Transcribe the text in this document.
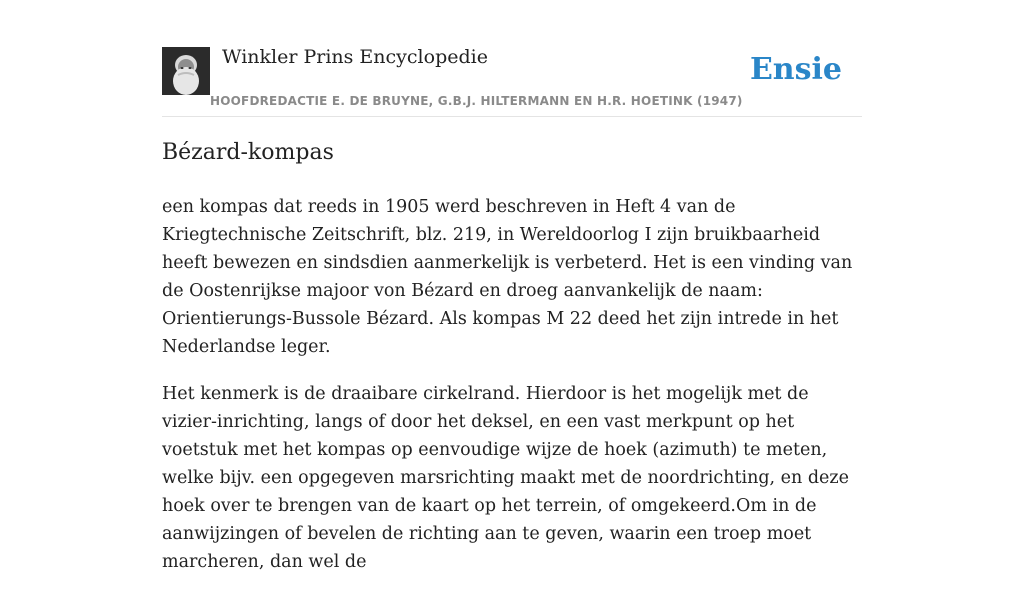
Winkler Prins Encyclopedie
HOOFDREDACTIE E. DE BRUYNE, G.B.J. HILTERMANN EN H.R. HOETINK (1947)
Ensie
Bézard-kompas

een kompas dat reeds in 1905 werd beschreven in Heft 4 van de Kriegtechnische Zeitschrift, blz. 219, in Wereldoorlog I zijn bruikbaarheid heeft bewezen en sindsdien aanmerkelijk is verbeterd. Het is een vinding van de Oostenrijkse majoor von Bézard en droeg aanvankelijk de naam: Orientierungs-Bussole Bézard. Als kompas M 22 deed het zijn intrede in het Nederlandse leger.

Het kenmerk is de draaibare cirkelrand. Hierdoor is het mogelijk met de vizier-inrichting, langs of door het deksel, en een vast merkpunt op het voetstuk met het kompas op eenvoudige wijze de hoek (azimuth) te meten, welke bijv. een opgegeven marsrichting maakt met de noordrichting, en deze hoek over te brengen van de kaart op het terrein, of omgekeerd.Om in de aanwijzingen of bevelen de richting aan te geven, waarin een troep moet marcheren, dan wel de
